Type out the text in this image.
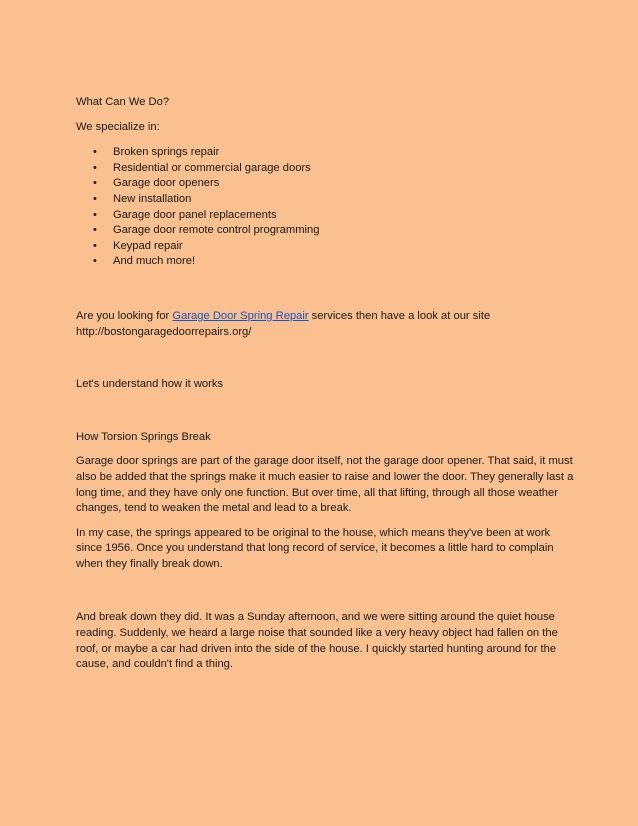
What Can We Do?

We specialize in:

• Broken springs repair
• Residential or commercial garage doors
• Garage door openers
• New installation
• Garage door panel replacements
• Garage door remote control programming
• Keypad repair
• And much more!

Are you looking for Garage Door Spring Repair services then have a look at our site
http://bostongaragedoorrepairs.org/

Let's understand how it works

How Torsion Springs Break

Garage door springs are part of the garage door itself, not the garage door opener. That said, it must also be added that the springs make it much easier to raise and lower the door. They generally last a long time, and they have only one function. But over time, all that lifting, through all those weather changes, tend to weaken the metal and lead to a break.

In my case, the springs appeared to be original to the house, which means they've been at work since 1956. Once you understand that long record of service, it becomes a little hard to complain when they finally break down.

And break down they did. It was a Sunday afternoon, and we were sitting around the quiet house reading. Suddenly, we heard a large noise that sounded like a very heavy object had fallen on the roof, or maybe a car had driven into the side of the house. I quickly started hunting around for the cause, and couldn't find a thing.
